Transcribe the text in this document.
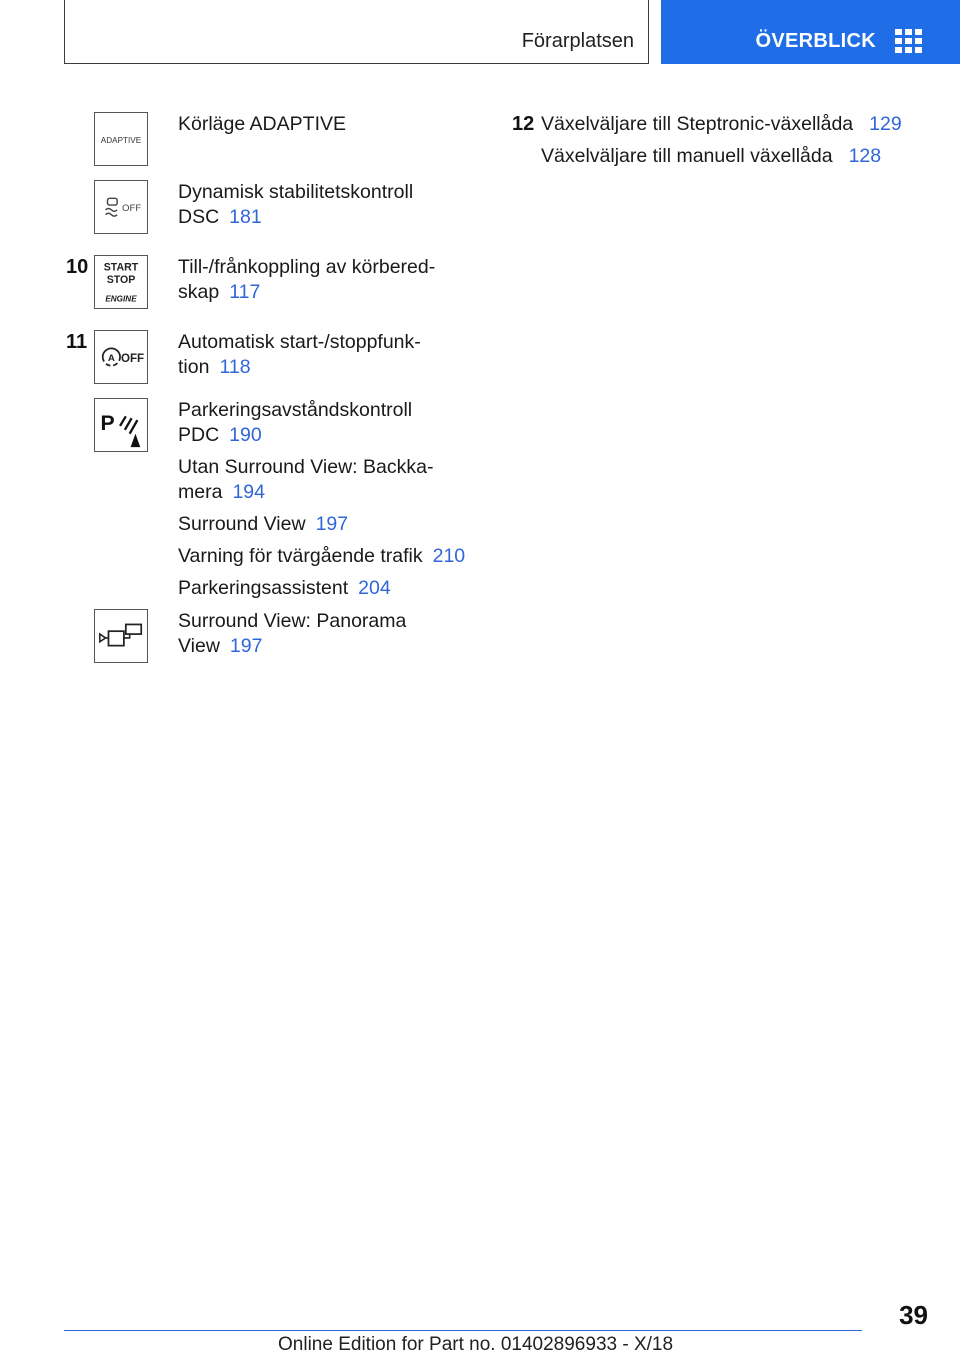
Förarplatsen	ÖVERBLICK
ADAPTIVE
Körläge ADAPTIVE
OFF
Dynamisk stabilitetskontroll
DSC 181
10 START
STOP
ENGINE
Till-/frånkoppling av körbered-
skap 117
11
A OFF
Automatisk start-/stoppfunk-
tion 118
P
Parkeringsavståndskontroll
PDC 190
Utan Surround View: Backka-
mera 194
Surround View 197
Varning för tvärgående trafik 210
Parkeringsassistent 204
Surround View: Panorama
View 197
12 Växelväljare till Steptronic-växellåda 129
Växelväljare till manuell växellåda 128
39
Online Edition for Part no. 01402896933 - X/18
